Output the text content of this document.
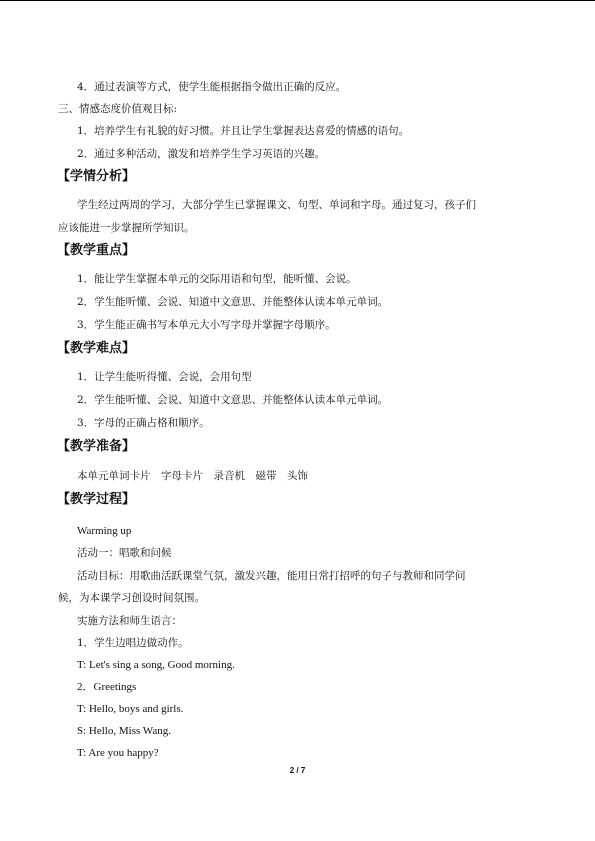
4．通过表演等方式，使学生能根据指令做出正确的反应。
三、情感态度价值观目标:
1．培养学生有礼貌的好习惯。并且让学生掌握表达喜爱的情感的语句。
2．通过多种活动，激发和培养学生学习英语的兴趣。
【学情分析】
学生经过两周的学习，大部分学生已掌握课文、句型、单词和字母。通过复习，孩子们
应该能进一步掌握所学知识。
【教学重点】
1．能让学生掌握本单元的交际用语和句型，能听懂、会说。
2．学生能听懂、会说、知道中文意思、并能整体认读本单元单词。
3．学生能正确书写本单元大小写字母并掌握字母顺序。
【教学难点】
1．让学生能听得懂、会说，会用句型
2．学生能听懂、会说、知道中文意思、并能整体认读本单元单词。
3．字母的正确占格和顺序。
【教学准备】
本单元单词卡片　字母卡片　录音机　磁带　头饰
【教学过程】
Warming up
活动一：唱歌和问候
活动目标：用歌曲活跃课堂气氛，激发兴趣，能用日常打招呼的句子与教师和同学问
候，为本课学习创设时间氛围。
实施方法和师生语言：
1．学生边唱边做动作。
T: Let's sing a song, Good morning.
2．Greetings
T: Hello, boys and girls.
S: Hello, Miss Wang.
T: Are you happy?
2 / 7
